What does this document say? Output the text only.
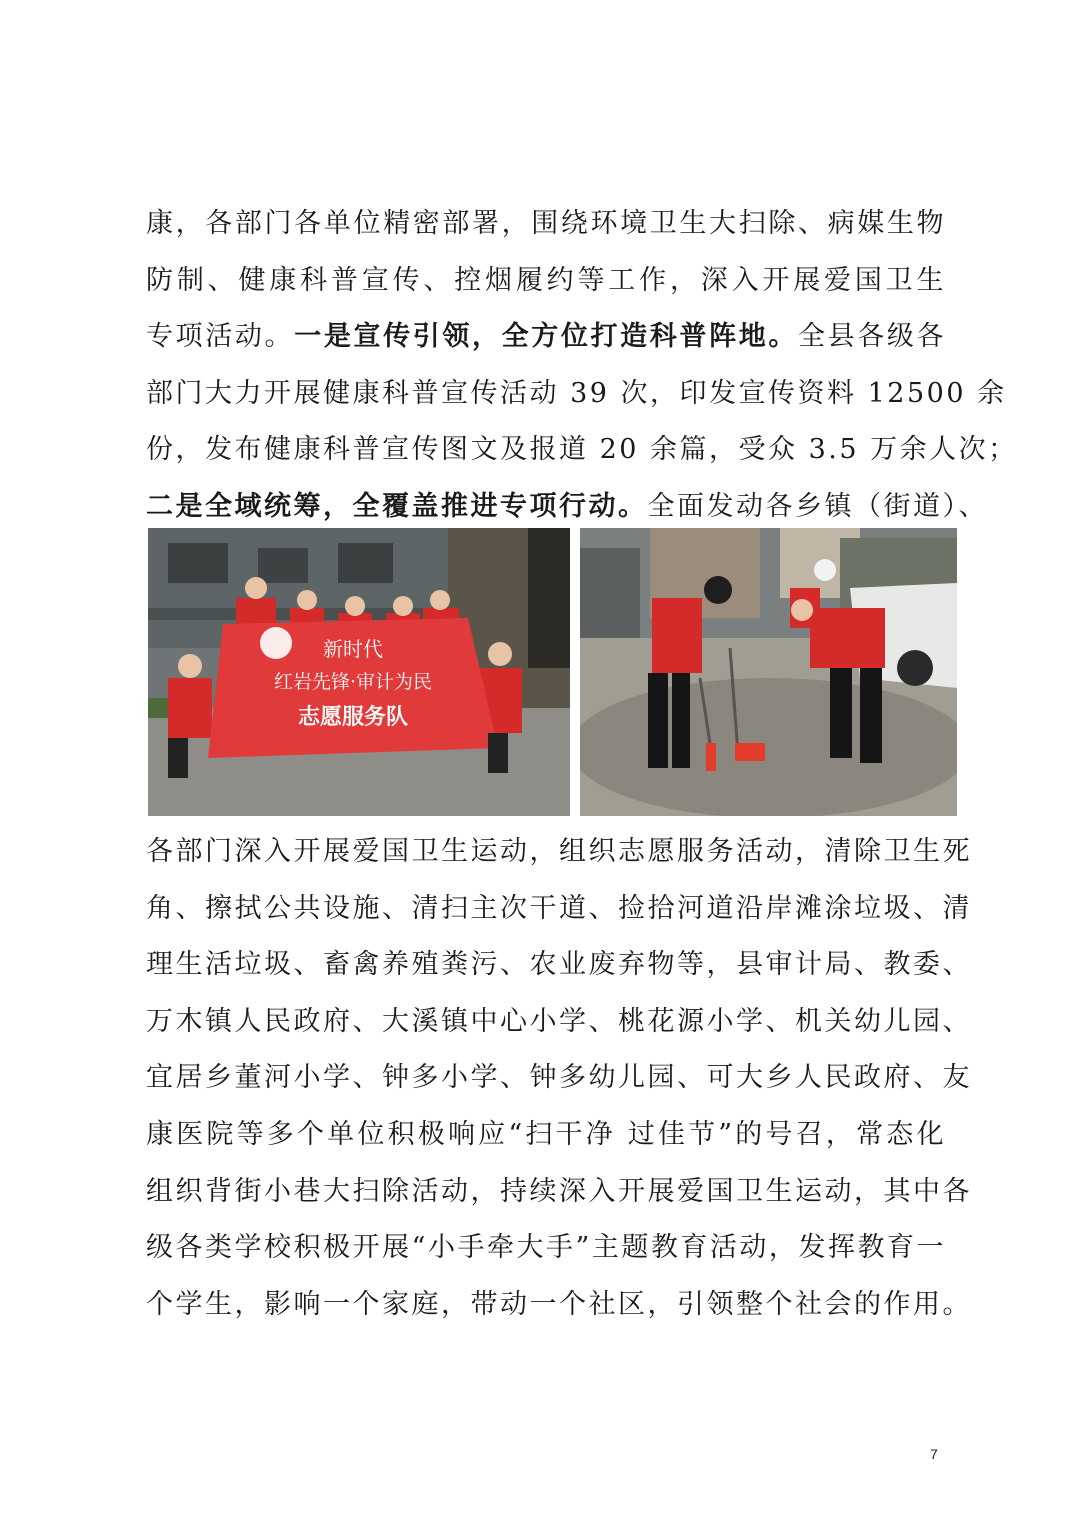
康，各部门各单位精密部署，围绕环境卫生大扫除、病媒生物
防制、健康科普宣传、控烟履约等工作，深入开展爱国卫生
专项活动。一是宣传引领，全方位打造科普阵地。全县各级各
部门大力开展健康科普宣传活动 39 次，印发宣传资料 12500 余
份，发布健康科普宣传图文及报道 20 余篇，受众 3.5 万余人次；
二是全域统筹，全覆盖推进专项行动。全面发动各乡镇（街道）、
新时代
红岩先锋·审计为民
志愿服务队
各部门深入开展爱国卫生运动，组织志愿服务活动，清除卫生死
角、擦拭公共设施、清扫主次干道、捡拾河道沿岸滩涂垃圾、清
理生活垃圾、畜禽养殖粪污、农业废弃物等，县审计局、教委、
万木镇人民政府、大溪镇中心小学、桃花源小学、机关幼儿园、
宜居乡董河小学、钟多小学、钟多幼儿园、可大乡人民政府、友
康医院等多个单位积极响应“扫干净 过佳节”的号召，常态化
组织背街小巷大扫除活动，持续深入开展爱国卫生运动，其中各
级各类学校积极开展“小手牵大手”主题教育活动，发挥教育一
个学生，影响一个家庭，带动一个社区，引领整个社会的作用。
7
